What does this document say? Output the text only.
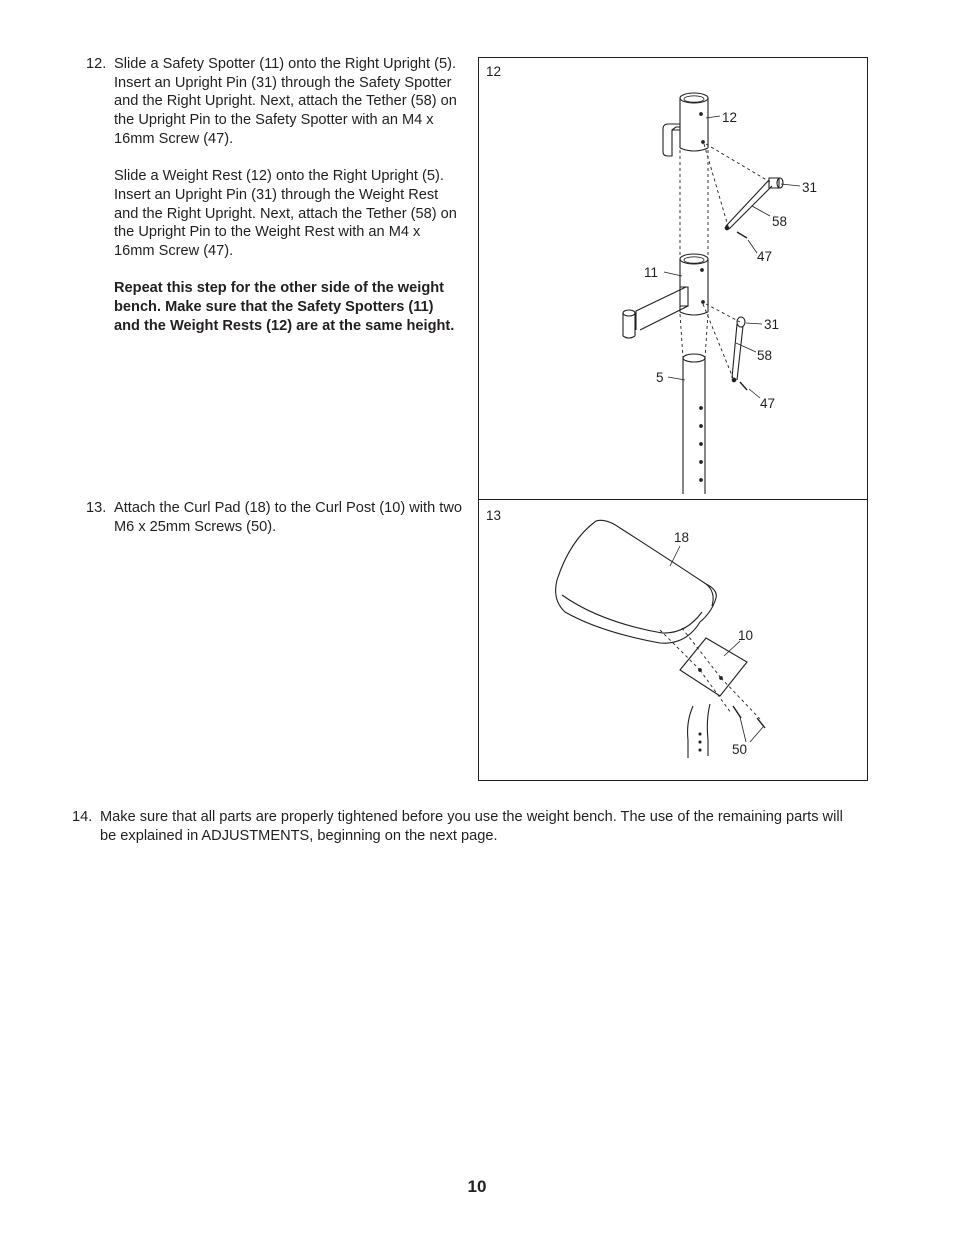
12. Slide a Safety Spotter (11) onto the Right Upright (5). Insert an Upright Pin (31) through the Safety Spotter and the Right Upright. Next, attach the Tether (58) on the Upright Pin to the Safety Spotter with an M4 x 16mm Screw (47).

Slide a Weight Rest (12) onto the Right Upright (5). Insert an Upright Pin (31) through the Weight Rest and the Right Upright. Next, attach the Tether (58) on the Upright Pin to the Weight Rest with an M4 x 16mm Screw (47).

Repeat this step for the other side of the weight bench. Make sure that the Safety Spotters (11) and the Weight Rests (12) are at the same height.

13. Attach the Curl Pad (18) to the Curl Post (10) with two M6 x 25mm Screws (50).

14. Make sure that all parts are properly tightened before you use the weight bench. The use of the remaining parts will be explained in ADJUSTMENTS, beginning on the next page.

12
13
12
31
58
47
11
31
58
5
47
18
10
50
10
